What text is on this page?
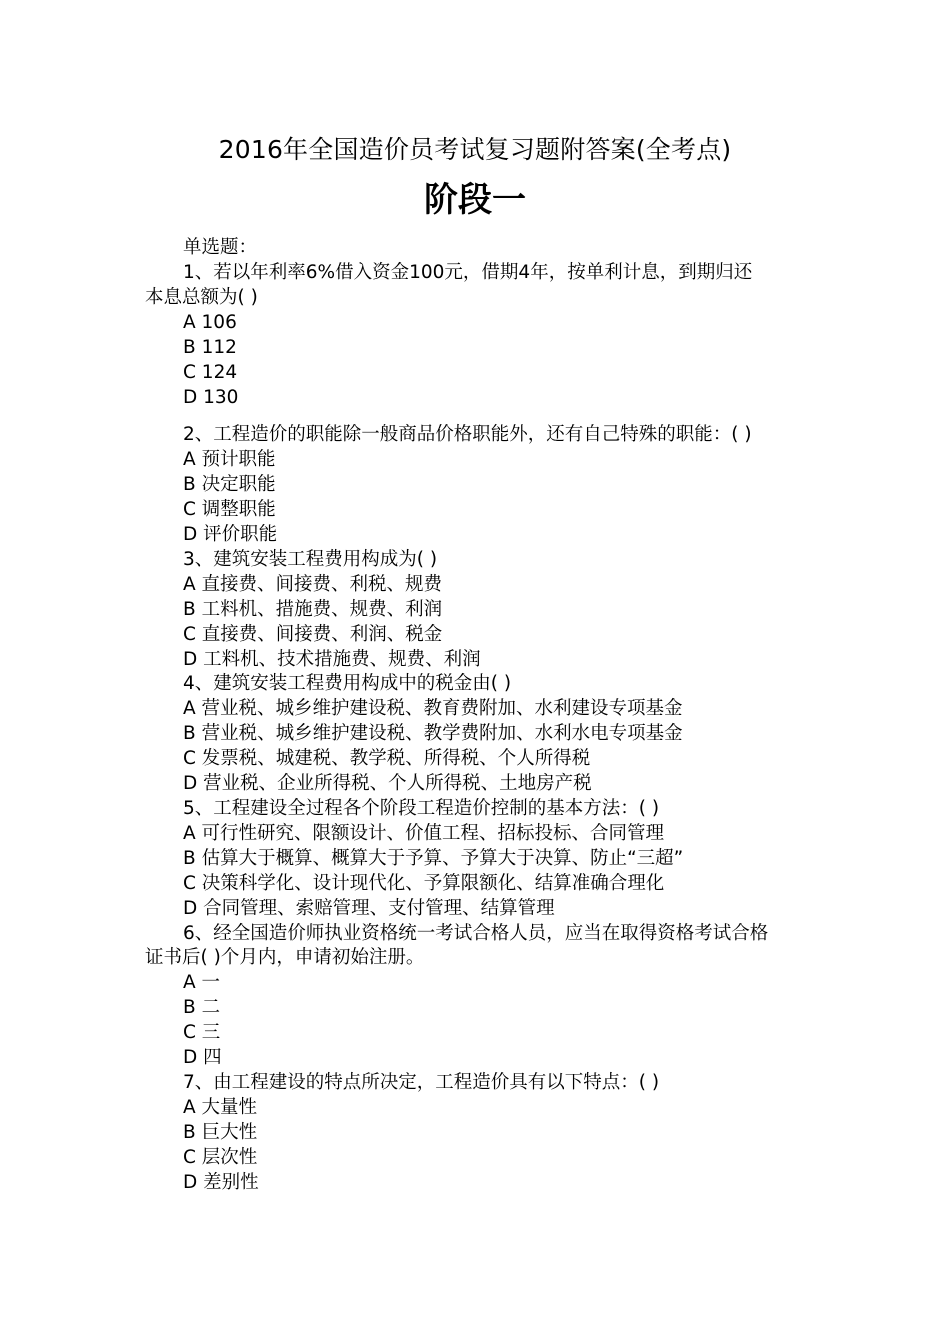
2016年全国造价员考试复习题附答案(全考点)
阶段一
单选题：
1、若以年利率6%借入资金100元，借期4年，按单利计息，到期归还
本息总额为( )
A 106
B 112
C 124
D 130
2、工程造价的职能除一般商品价格职能外，还有自己特殊的职能：( )
A 预计职能
B 决定职能
C 调整职能
D 评价职能
3、建筑安装工程费用构成为( )
A 直接费、间接费、利税、规费
B 工料机、措施费、规费、利润
C 直接费、间接费、利润、税金
D 工料机、技术措施费、规费、利润
4、建筑安装工程费用构成中的税金由( )
A 营业税、城乡维护建设税、教育费附加、水利建设专项基金
B 营业税、城乡维护建设税、教学费附加、水利水电专项基金
C 发票税、城建税、教学税、所得税、个人所得税
D 营业税、企业所得税、个人所得税、土地房产税
5、工程建设全过程各个阶段工程造价控制的基本方法：( )
A 可行性研究、限额设计、价值工程、招标投标、合同管理
B 估算大于概算、概算大于予算、予算大于决算、防止“三超”
C 决策科学化、设计现代化、予算限额化、结算准确合理化
D 合同管理、索赔管理、支付管理、结算管理
6、经全国造价师执业资格统一考试合格人员，应当在取得资格考试合格
证书后( )个月内，申请初始注册。
A 一
B 二
C 三
D 四
7、由工程建设的特点所决定，工程造价具有以下特点：( )
A 大量性
B 巨大性
C 层次性
D 差别性
